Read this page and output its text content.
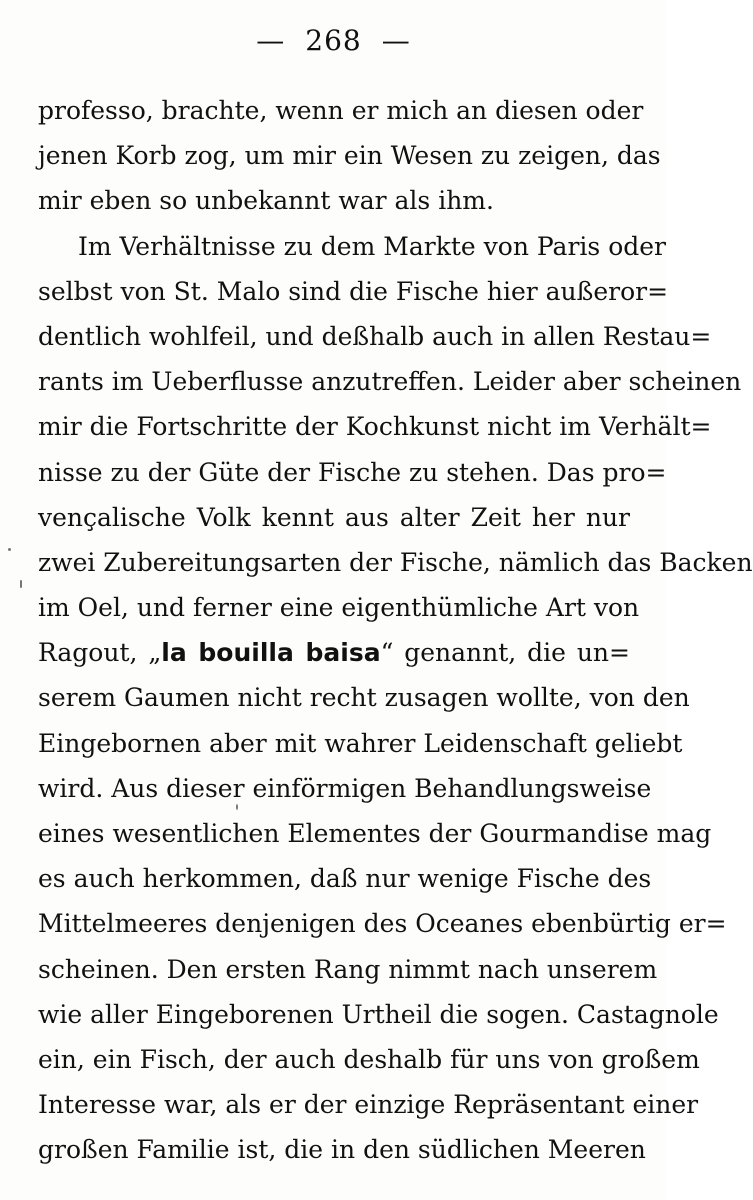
— 268 —
professo, brachte, wenn er mich an diesen oder
jenen Korb zog, um mir ein Wesen zu zeigen, das
mir eben so unbekannt war als ihm.
Im Verhältnisse zu dem Markte von Paris oder
selbst von St. Malo sind die Fische hier außeror=
dentlich wohlfeil, und deßhalb auch in allen Restau=
rants im Ueberflusse anzutreffen. Leider aber scheinen
mir die Fortschritte der Kochkunst nicht im Verhält=
nisse zu der Güte der Fische zu stehen. Das pro=
vençalische Volk kennt aus alter Zeit her nur
zwei Zubereitungsarten der Fische, nämlich das Backen
im Oel, und ferner eine eigenthümliche Art von
Ragout, „la bouilla baisa“ genannt, die un=
serem Gaumen nicht recht zusagen wollte, von den
Eingebornen aber mit wahrer Leidenschaft geliebt
wird. Aus dieser einförmigen Behandlungsweise
eines wesentlichen Elementes der Gourmandise mag
es auch herkommen, daß nur wenige Fische des
Mittelmeeres denjenigen des Oceanes ebenbürtig er=
scheinen. Den ersten Rang nimmt nach unserem
wie aller Eingeborenen Urtheil die sogen. Castagnole
ein, ein Fisch, der auch deshalb für uns von großem
Interesse war, als er der einzige Repräsentant einer
großen Familie ist, die in den südlichen Meeren
